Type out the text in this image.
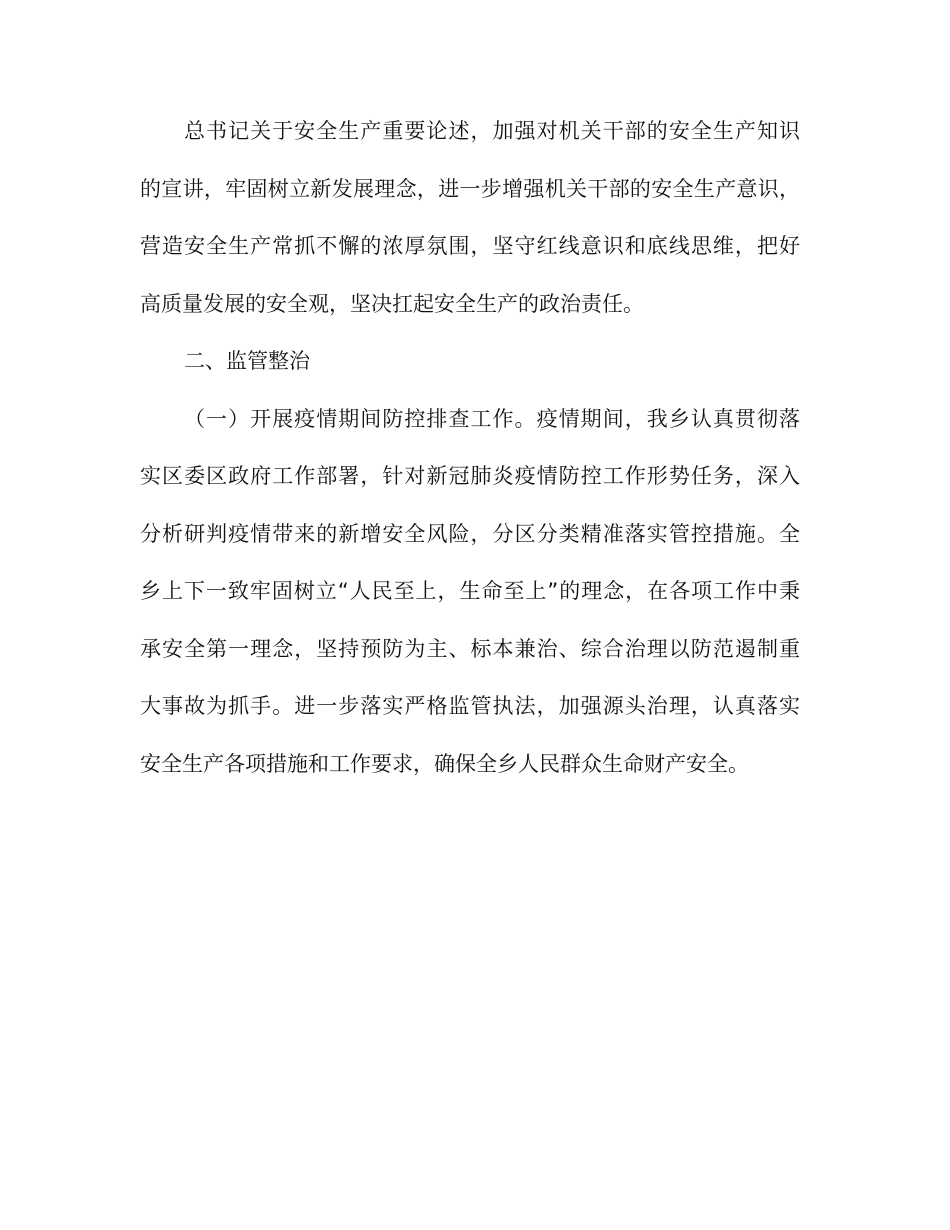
总书记关于安全生产重要论述，加强对机关干部的安全生产知识
的宣讲，牢固树立新发展理念，进一步增强机关干部的安全生产意识，
营造安全生产常抓不懈的浓厚氛围，坚守红线意识和底线思维，把好
高质量发展的安全观，坚决扛起安全生产的政治责任。
二、监管整治
（一）开展疫情期间防控排查工作。疫情期间，我乡认真贯彻落
实区委区政府工作部署，针对新冠肺炎疫情防控工作形势任务，深入
分析研判疫情带来的新增安全风险，分区分类精准落实管控措施。全
乡上下一致牢固树立“人民至上，生命至上”的理念，在各项工作中秉
承安全第一理念，坚持预防为主、标本兼治、综合治理以防范遏制重
大事故为抓手。进一步落实严格监管执法，加强源头治理，认真落实
安全生产各项措施和工作要求，确保全乡人民群众生命财产安全。
